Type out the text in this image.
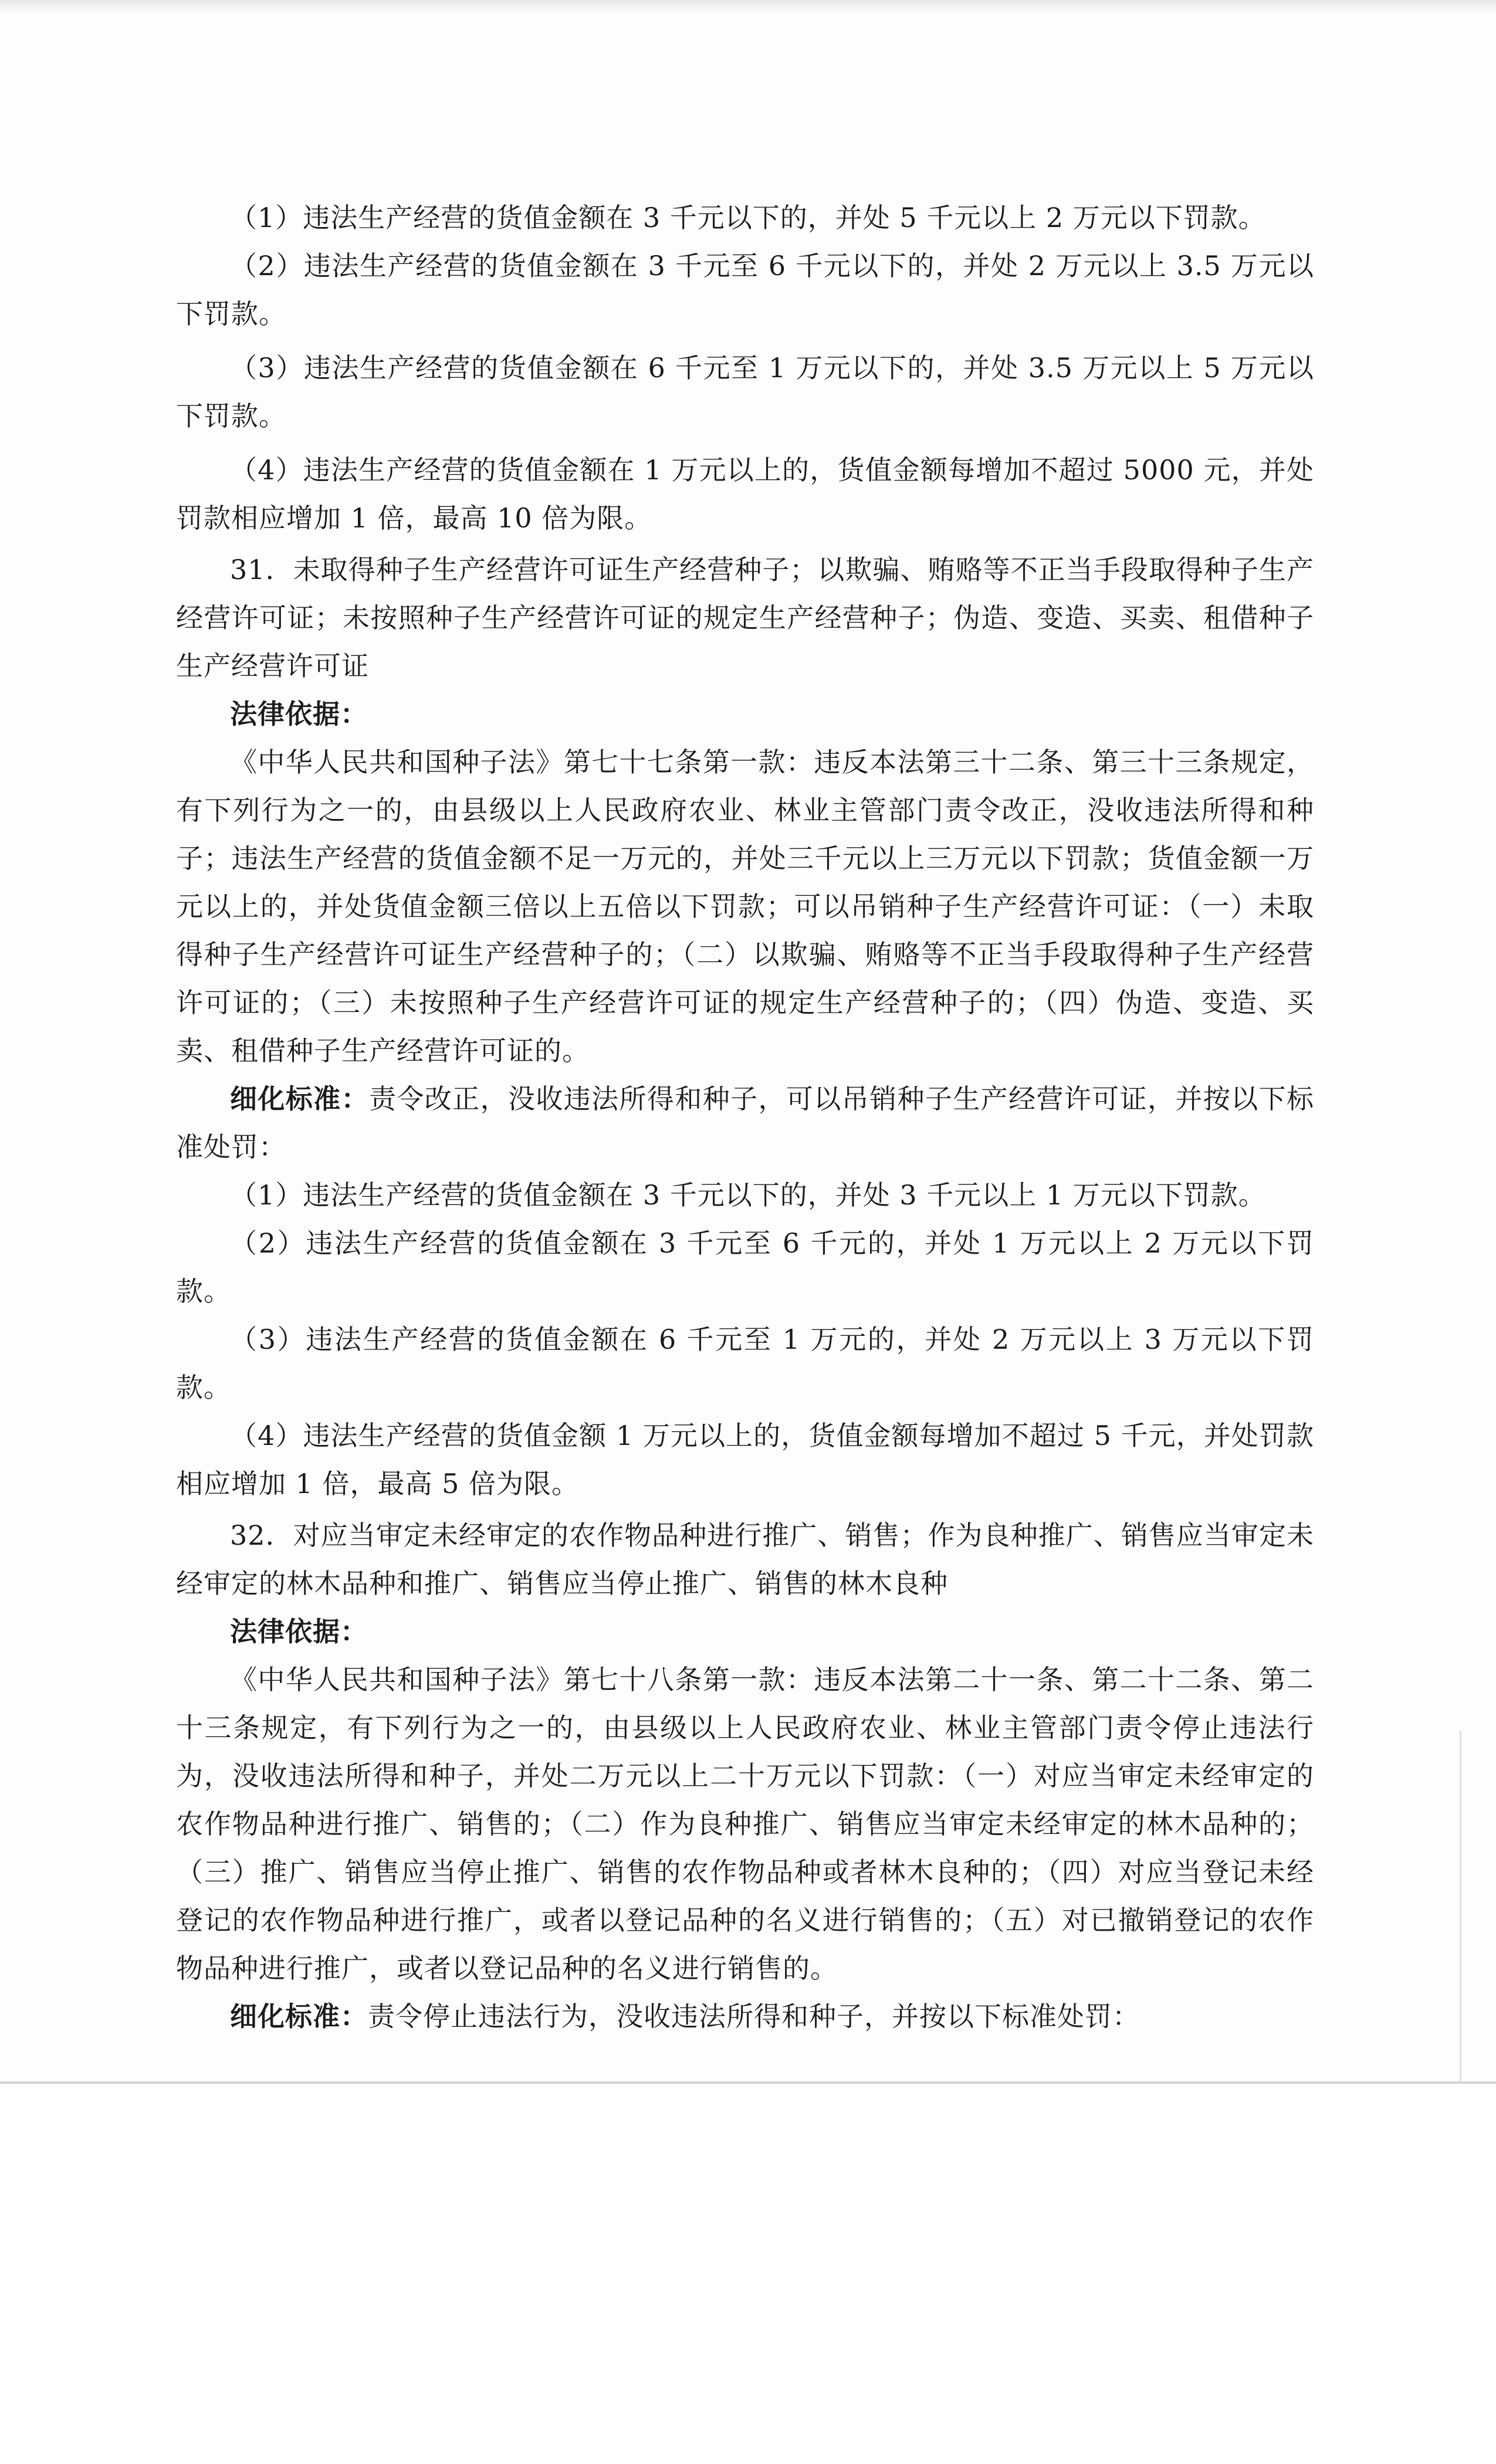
（1）违法生产经营的货值金额在 3 千元以下的，并处 5 千元以上 2 万元以下罚款。

（2）违法生产经营的货值金额在 3 千元至 6 千元以下的，并处 2 万元以上 3.5 万元以下罚款。

（3）违法生产经营的货值金额在 6 千元至 1 万元以下的，并处 3.5 万元以上 5 万元以下罚款。

（4）违法生产经营的货值金额在 1 万元以上的，货值金额每增加不超过 5000 元，并处罚款相应增加 1 倍，最高 10 倍为限。

31．未取得种子生产经营许可证生产经营种子；以欺骗、贿赂等不正当手段取得种子生产经营许可证；未按照种子生产经营许可证的规定生产经营种子；伪造、变造、买卖、租借种子生产经营许可证

法律依据：

《中华人民共和国种子法》第七十七条第一款：违反本法第三十二条、第三十三条规定，有下列行为之一的，由县级以上人民政府农业、林业主管部门责令改正，没收违法所得和种子；违法生产经营的货值金额不足一万元的，并处三千元以上三万元以下罚款；货值金额一万元以上的，并处货值金额三倍以上五倍以下罚款；可以吊销种子生产经营许可证：（一）未取得种子生产经营许可证生产经营种子的；（二）以欺骗、贿赂等不正当手段取得种子生产经营许可证的；（三）未按照种子生产经营许可证的规定生产经营种子的；（四）伪造、变造、买卖、租借种子生产经营许可证的。

细化标准：责令改正，没收违法所得和种子，可以吊销种子生产经营许可证，并按以下标准处罚：

（1）违法生产经营的货值金额在 3 千元以下的，并处 3 千元以上 1 万元以下罚款。

（2）违法生产经营的货值金额在 3 千元至 6 千元的，并处 1 万元以上 2 万元以下罚款。

（3）违法生产经营的货值金额在 6 千元至 1 万元的，并处 2 万元以上 3 万元以下罚款。

（4）违法生产经营的货值金额 1 万元以上的，货值金额每增加不超过 5 千元，并处罚款相应增加 1 倍，最高 5 倍为限。

32．对应当审定未经审定的农作物品种进行推广、销售；作为良种推广、销售应当审定未经审定的林木品种和推广、销售应当停止推广、销售的林木良种

法律依据：

《中华人民共和国种子法》第七十八条第一款：违反本法第二十一条、第二十二条、第二十三条规定，有下列行为之一的，由县级以上人民政府农业、林业主管部门责令停止违法行为，没收违法所得和种子，并处二万元以上二十万元以下罚款：（一）对应当审定未经审定的农作物品种进行推广、销售的；（二）作为良种推广、销售应当审定未经审定的林木品种的；（三）推广、销售应当停止推广、销售的农作物品种或者林木良种的；（四）对应当登记未经登记的农作物品种进行推广，或者以登记品种的名义进行销售的；（五）对已撤销登记的农作物品种进行推广，或者以登记品种的名义进行销售的。

细化标准：责令停止违法行为，没收违法所得和种子，并按以下标准处罚：
